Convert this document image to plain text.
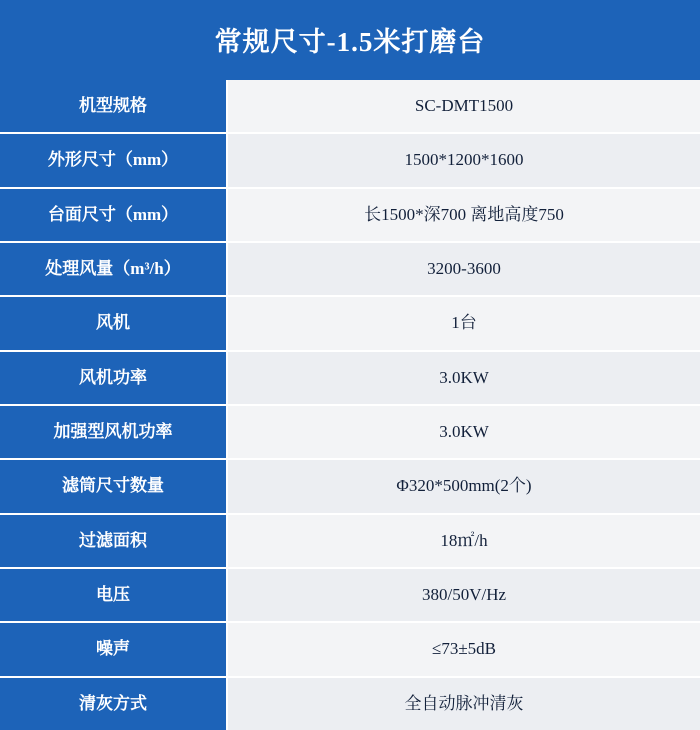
常规尺寸-1.5米打磨台
机型规格	SC-DMT1500
外形尺寸（mm）	1500*1200*1600
台面尺寸（mm）	长1500*深700 离地高度750
处理风量（m³/h）	3200-3600
风机	1台
风机功率	3.0KW
加强型风机功率	3.0KW
滤筒尺寸数量	Φ320*500mm(2个)
过滤面积	18㎡/h
电压	380/50V/Hz
噪声	≤73±5dB
清灰方式	全自动脉冲清灰
